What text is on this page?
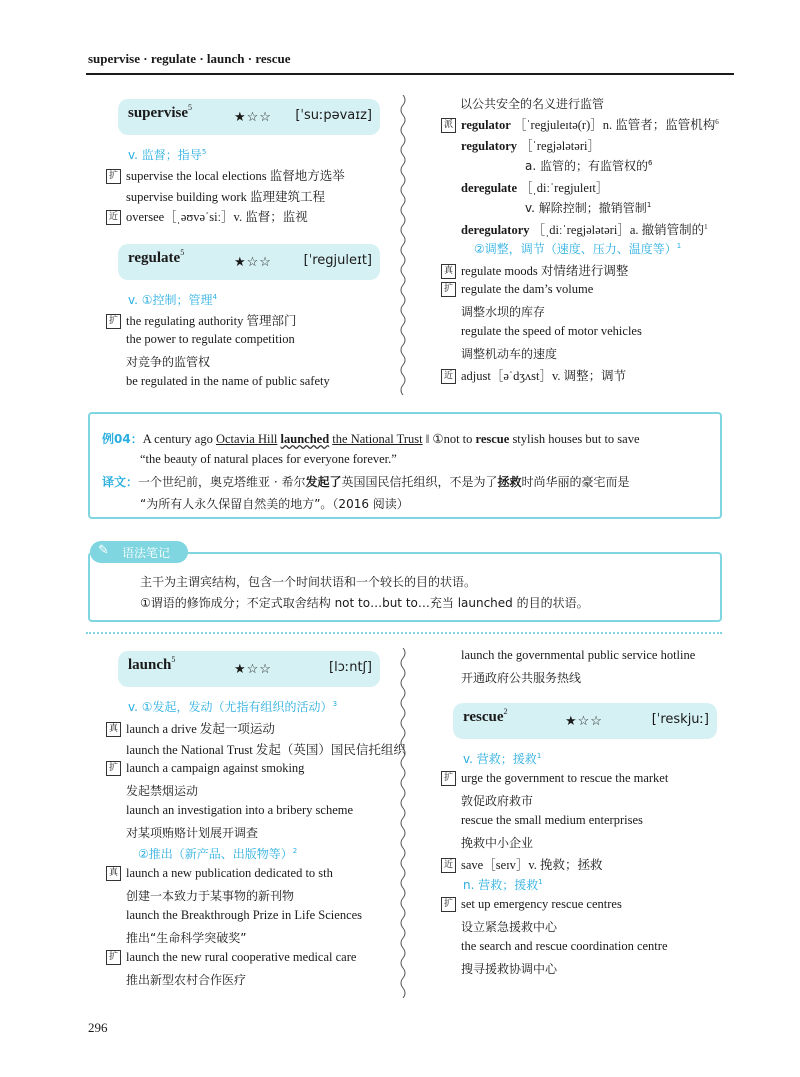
supervise · regulate · launch · rescue
supervise$^5$
★☆☆ [ˈsuːpəvaɪz]
v. 监督；指导$^5$
扩 supervise the local elections 监督地方选举
supervise building work 监理建筑工程
近 oversee［ˌəʊvəˈsiː］v. 监督；监视
regulate$^5$
★☆☆ [ˈregjuleɪt]
v. ①控制；管理$^4$
扩 the regulating authority 管理部门
the power to regulate competition
对竞争的监管权
be regulated in the name of public safety
以公共安全的名义进行监管
派 regulator ［ˈregjuleɪtə(r)］n. 监管者；监管机构$^6$
regulatory ［ˈregjələtəri］
a. 监管的；有监管权的$^6$
deregulate ［ˌdiːˈregjuleɪt］
v. 解除控制；撤销管制$^1$
deregulatory ［ˌdiːˈregjələtəri］a. 撤销管制的$^1$
②调整，调节（速度、压力、温度等）$^1$
真 regulate moods 对情绪进行调整
扩 regulate the dam’s volume
调整水坝的库存
regulate the speed of motor vehicles
调整机动车的速度
近 adjust［əˈdʒʌst］v. 调整；调节
例04：A century ago Octavia Hill launched the National Trust ‖ ①not to rescue stylish houses but to save
“the beauty of natural places for everyone forever.”
译文：一个世纪前，奥克塔维亚 · 希尔发起了英国国民信托组织，不是为了拯救时尚华丽的豪宅而是
“为所有人永久保留自然美的地方”。（2016 阅读）
✎ 语法笔记
主干为主谓宾结构，包含一个时间状语和一个较长的目的状语。
①谓语的修饰成分；不定式取舍结构 not to…but to…充当 launched 的目的状语。
launch$^5$
★☆☆	[lɔːntʃ]
v. ①发起，发动（尤指有组织的活动）$^3$
真 launch a drive 发起一项运动
launch the National Trust 发起（英国）国民信托组织
扩 launch a campaign against smoking
发起禁烟运动
launch an investigation into a bribery scheme
对某项贿赂计划展开调查
②推出（新产品、出版物等）$^2$
真 launch a new publication dedicated to sth
创建一本致力于某事物的新刊物
launch the Breakthrough Prize in Life Sciences
推出“生命科学突破奖”
扩 launch the new rural cooperative medical care
推出新型农村合作医疗
launch the governmental public service hotline
开通政府公共服务热线
rescue$^2$
★☆☆	[ˈreskjuː]
v. 营救；援救$^1$
扩 urge the government to rescue the market
敦促政府救市
rescue the small medium enterprises
挽救中小企业
近 save［seɪv］v. 挽救；拯救
n. 营救；援救$^1$
扩 set up emergency rescue centres
设立紧急援救中心
the search and rescue coordination centre
搜寻援救协调中心
296
